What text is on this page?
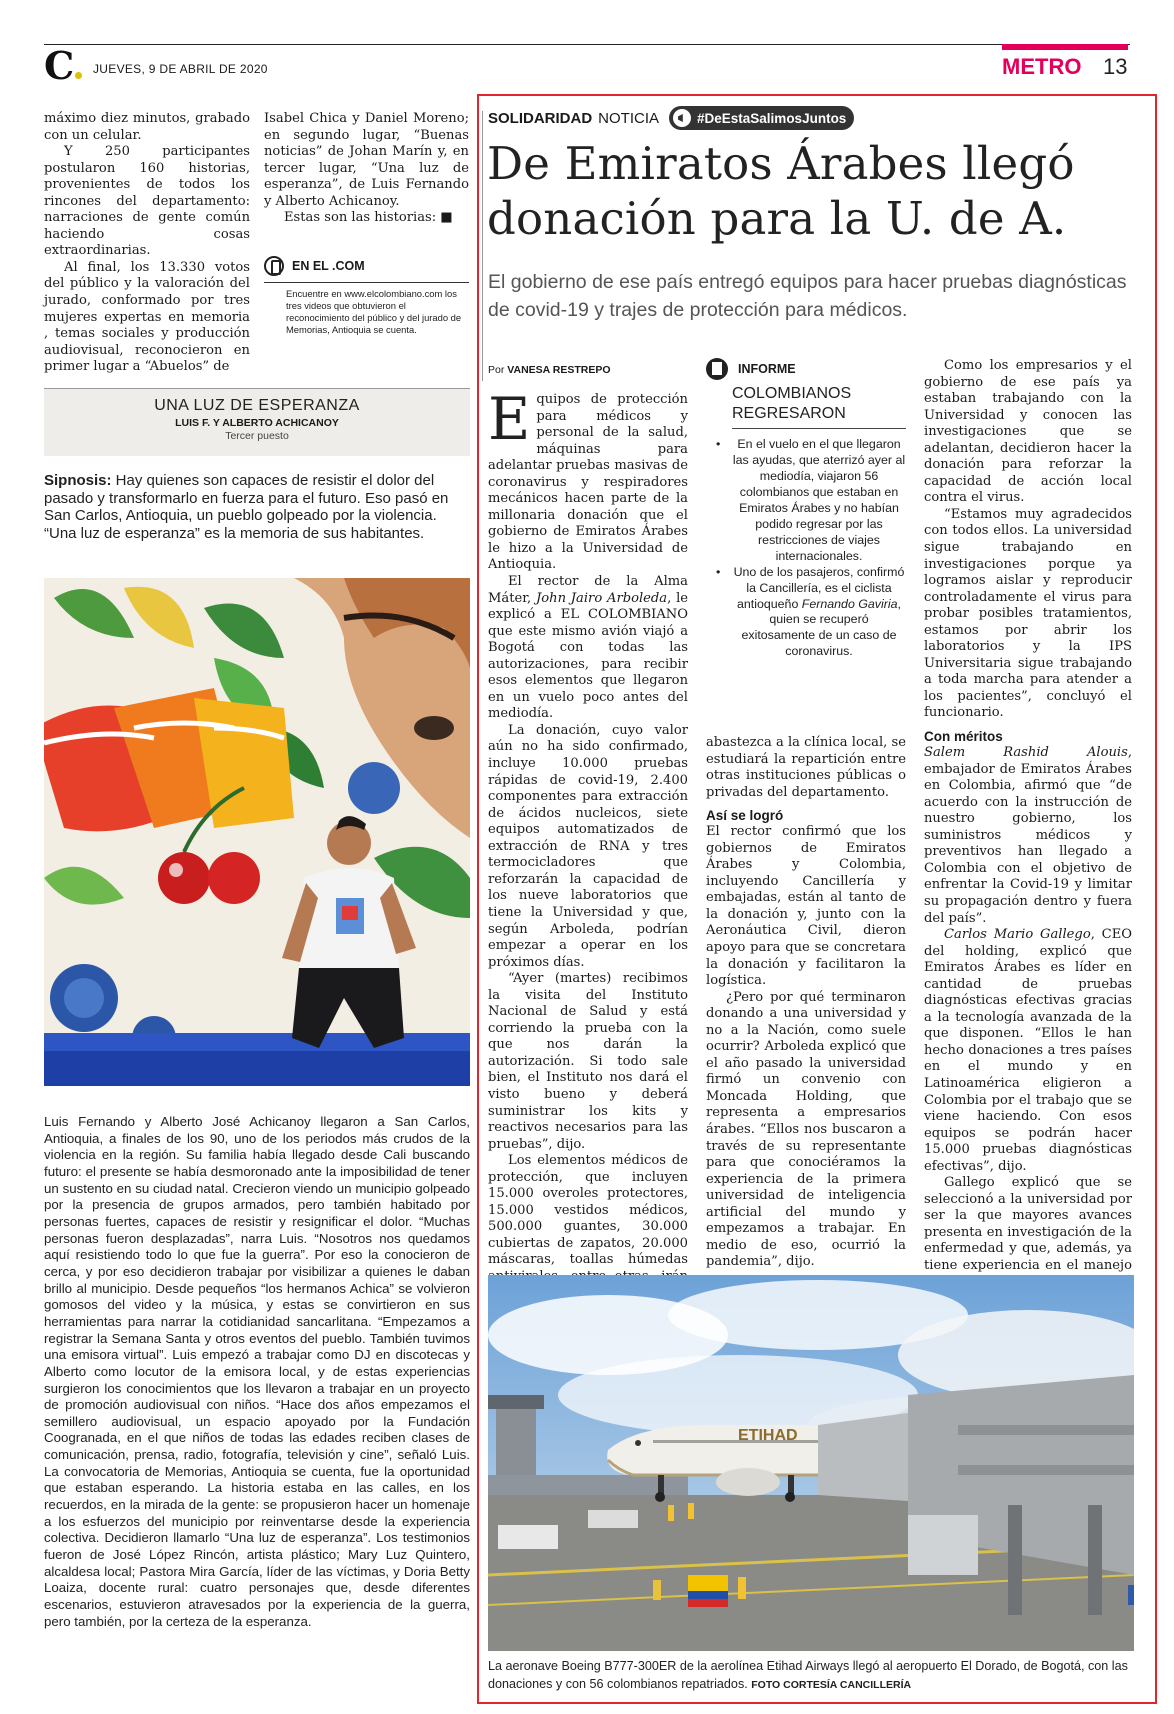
C	JUEVES, 9 DE ABRIL DE 2020	METRO 13

máximo diez minutos, grabado con un celular.

Y 250 participantes postularon 160 historias, provenientes de todos los rincones del departamento: narraciones de gente común haciendo cosas extraordinarias.

Al final, los 13.330 votos del público y la valoración del jurado, conformado por tres mujeres expertas en memoria , temas sociales y producción audiovisual, reconocieron en primer lugar a “Abuelos” de

Isabel Chica y Daniel Moreno; en segundo lugar, “Buenas noticias” de Johan Marín y, en tercer lugar, “Una luz de esperanza”, de Luis Fernando y Alberto Achicanoy.

Estas son las historias: ■

EN EL .COM
Encuentre en www.elcolombiano.com los tres videos que obtuvieron el reconocimiento del público y del jurado de Memorias, Antioquia se cuenta.
UNA LUZ DE ESPERANZA
LUIS F. Y ALBERTO ACHICANOY
Tercer puesto
Sipnosis: Hay quienes son capaces de resistir el dolor del pasado y transformarlo en fuerza para el futuro. Eso pasó en San Carlos, Antioquia, un pueblo golpeado por la violencia. “Una luz de esperanza” es la memoria de sus habitantes.
Luis Fernando y Alberto José Achicanoy llegaron a San Carlos, Antioquia, a finales de los 90, uno de los periodos más crudos de la violencia en la región. Su familia había llegado desde Cali buscando futuro: el presente se había desmoronado ante la imposibilidad de tener un sustento en su ciudad natal. Crecieron viendo un municipio golpeado por la presencia de grupos armados, pero también habitado por personas fuertes, capaces de resistir y resignificar el dolor. “Muchas personas fueron desplazadas”, narra Luis. “Nosotros nos quedamos aquí resistiendo todo lo que fue la guerra”. Por eso la conocieron de cerca, y por eso decidieron trabajar por visibilizar a quienes le daban brillo al municipio. Desde pequeños “los hermanos Achica” se volvieron gomosos del video y la música, y estas se convirtieron en sus herramientas para narrar la cotidianidad sancarlitana. “Empezamos a registrar la Semana Santa y otros eventos del pueblo. También tuvimos una emisora virtual”. Luis empezó a trabajar como DJ en discotecas y Alberto como locutor de la emisora local, y de estas experiencias surgieron los conocimientos que los llevaron a trabajar en un proyecto de promoción audiovisual con niños. “Hace dos años empezamos el semillero audiovisual, un espacio apoyado por la Fundación Coogranada, en el que niños de todas las edades reciben clases de comunicación, prensa, radio, fotografía, televisión y cine”, señaló Luis. La convocatoria de Memorias, Antioquia se cuenta, fue la oportunidad que estaban esperando. La historia estaba en las calles, en los recuerdos, en la mirada de la gente: se propusieron hacer un homenaje a los esfuerzos del municipio por reinventarse desde la experiencia colectiva. Decidieron llamarlo “Una luz de esperanza”. Los testimonios fueron de José López Rincón, artista plástico; Mary Luz Quintero, alcaldesa local; Pastora Mira García, líder de las víctimas, y Doria Betty Loaiza, docente rural: cuatro personajes que, desde diferentes escenarios, estuvieron atravesados por la experiencia de la guerra, pero también, por la certeza de la esperanza.
SOLIDARIDAD NOTICIA	#DeEstaSalimosJuntos
De Emiratos Árabes llegó donación para la U. de A.
El gobierno de ese país entregó equipos para hacer pruebas diagnósticas de covid-19 y trajes de protección para médicos.
Por VANESA RESTREPO

Equipos de protección para médicos y personal de la salud, máquinas para adelantar pruebas masivas de coronavirus y respiradores mecánicos hacen parte de la millonaria donación que el gobierno de Emiratos Árabes le hizo a la Universidad de Antioquia.

El rector de la Alma Máter, John Jairo Arboleda, le explicó a EL COLOMBIANO que este mismo avión viajó a Bogotá con todas las autorizaciones, para recibir esos elementos que llegaron en un vuelo poco antes del mediodía.

La donación, cuyo valor aún no ha sido confirmado, incluye 10.000 pruebas rápidas de covid-19, 2.400 componentes para extracción de ácidos nucleicos, siete equipos automatizados de extracción de RNA y tres termocicladores que reforzarán la capacidad de los nueve laboratorios que tiene la Universidad y que, según Arboleda, podrían empezar a operar en los próximos días.

“Ayer (martes) recibimos la visita del Instituto Nacional de Salud y está corriendo la prueba con la que nos darán la autorización. Si todo sale bien, el Instituto nos dará el visto bueno y deberá suministrar los kits y reactivos necesarios para las pruebas”, dijo.

Los elementos médicos de protección, que incluyen 15.000 overoles protectores, 15.000 vestidos médicos, 500.000 guantes, 30.000 cubiertas de zapatos, 20.000 máscaras, toallas húmedas

INFORME
COLOMBIANOS REGRESARON
• En el vuelo en el que llegaron las ayudas, que aterrizó ayer al mediodía, viajaron 56 colombianos que estaban en Emiratos Árabes y no habían podido regresar por las restricciones de viajes internacionales.
• Uno de los pasajeros, confirmó la Cancillería, es el ciclista antioqueño Fernando Gaviria, quien se recuperó exitosamente de un caso de coronavirus.

abastezca a la clínica local, se estudiará la repartición entre otras instituciones públicas o privadas del departamento.

Así se logró

El rector confirmó que los gobiernos de Emiratos Árabes y Colombia, incluyendo Cancillería y embajadas, están al tanto de la donación y, junto con la Aeronáutica Civil, dieron apoyo para que se concretara la donación y facilitaron la logística.

¿Pero por qué terminaron donando a una universidad y no a la Nación, como suele ocurrir? Arboleda explicó que el año pasado la universidad firmó un convenio con Moncada Holding, que representa a empresarios árabes. “Ellos nos buscaron a través de su representante para que conociéramos la experiencia de la primera universidad de inteligencia artificial del mundo y empezamos a trabajar. En medio de eso, ocurrió la pandemia”, dijo.

Como los empresarios y el gobierno de ese país ya estaban trabajando con la Universidad y conocen las investigaciones que se adelantan, decidieron hacer la donación para reforzar la capacidad de acción local contra el virus.

“Estamos muy agradecidos con todos ellos. La universidad sigue trabajando en investigaciones porque ya logramos aislar y reproducir controladamente el virus para probar posibles tratamientos, estamos por abrir los laboratorios y la IPS Universitaria sigue trabajando a toda marcha para atender a los pacientes”, concluyó el funcionario.

Con méritos

Salem Rashid Alouis, embajador de Emiratos Árabes en Colombia, afirmó que “de acuerdo con la instrucción de nuestro gobierno, los suministros médicos y preventivos han llegado a Colombia con el objetivo de enfrentar la Covid-19 y limitar su propagación dentro y fuera del país”.

Carlos Mario Gallego, CEO del holding, explicó que Emiratos Árabes es líder en cantidad de pruebas diagnósticas efectivas gracias a la tecnología avanzada de la que disponen. “Ellos le han hecho donaciones a tres países en el mundo y en Latinoamérica eligieron a Colombia por el trabajo que se viene haciendo. Con esos equipos se podrán hacer 15.000 pruebas diagnósticas efectivas”, dijo.

Gallego explicó que se seleccionó a la universidad por ser la que mayores avances presenta en investigación de la enfermedad y que, además, ya tiene experiencia en el manejo

ETIHAD
La aeronave Boeing B777-300ER de la aerolínea Etihad Airways llegó al aeropuerto El Dorado, de Bogotá, con las donaciones y con 56 colombianos repatriados. FOTO CORTESÍA CANCILLERÍA
